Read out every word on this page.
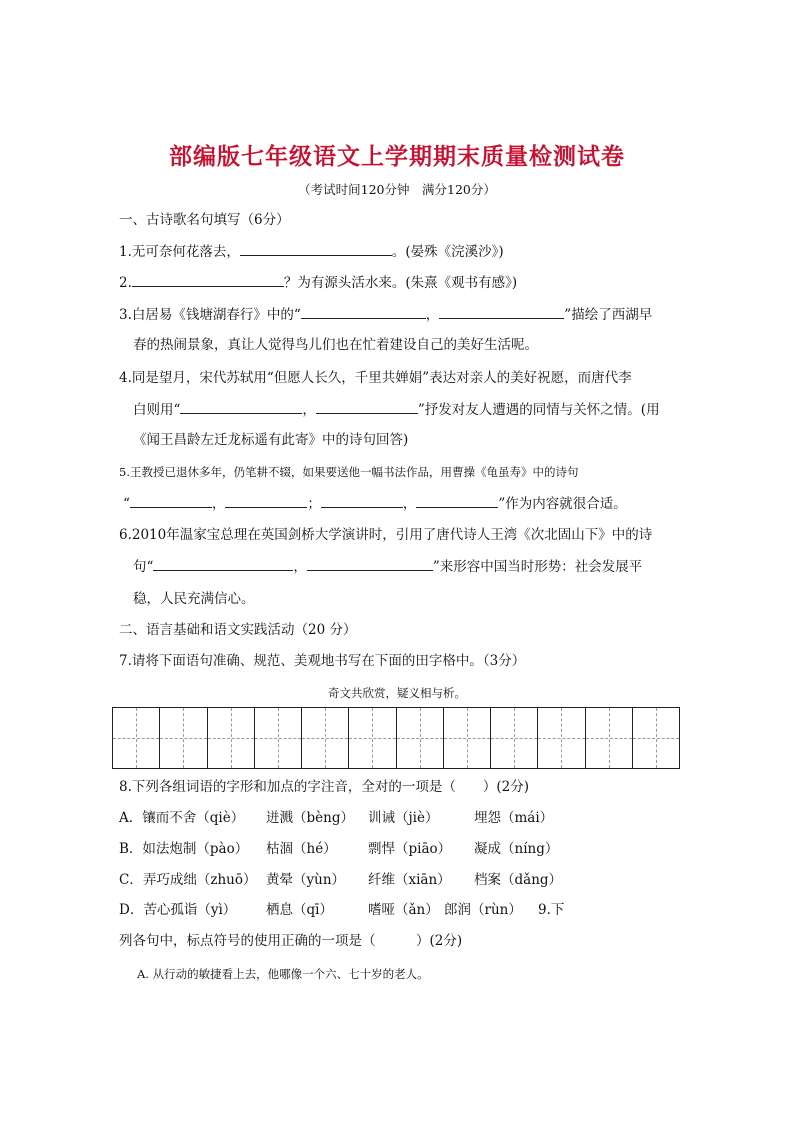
部编版七年级语文上学期期末质量检测试卷
（考试时间120分钟　满分120分）
一、古诗歌名句填写（6分）
1.无可奈何花落去，	。(晏殊《浣溪沙》)
2.	？为有源头活水来。(朱熹《观书有感》)
3.白居易《钱塘湖春行》中的“	，	”描绘了西湖早
春的热闹景象，真让人觉得鸟儿们也在忙着建设自己的美好生活呢。
4.同是望月，宋代苏轼用“但愿人长久，千里共婵娟”表达对亲人的美好祝愿，而唐代李
白则用“	，	”抒发对友人遭遇的同情与关怀之情。(用
《闻王昌龄左迁龙标遥有此寄》中的诗句回答)
5.王教授已退休多年，仍笔耕不辍，如果要送他一幅书法作品，用曹操《龟虽寿》中的诗句
“	，	；	，	”作为内容就很合适。
6.2010年温家宝总理在英国剑桥大学演讲时，引用了唐代诗人王湾《次北固山下》中的诗
句“	，	”来形容中国当时形势：社会发展平
稳，人民充满信心。
二、语言基础和语文实践活动（20 分）
7.请将下面语句准确、规范、美观地书写在下面的田字格中。（3分）
奇文共欣赏，疑义相与析。
8.下列各组词语的字形和加点的字注音，全对的一项是（　　）(2分)
A．镶而不舍（qiè） 迸溅（bèng） 训诫（jiè）	埋怨（mái）
B．如法炮制（pào） 枯涸（hé） 剽悍（piāo） 凝成（níng）
C．弄巧成绌（zhuō） 黄晕（yùn） 纤维（xiān） 档案（dǎng）
D．苦心孤诣（yì） 栖息（qī）	嗜哑（ǎn） 郎润（rùn） 9.下
列各句中，标点符号的使用正确的一项是（　　　）(2分)
A. 从行动的敏捷看上去，他哪像一个六、七十岁的老人。
